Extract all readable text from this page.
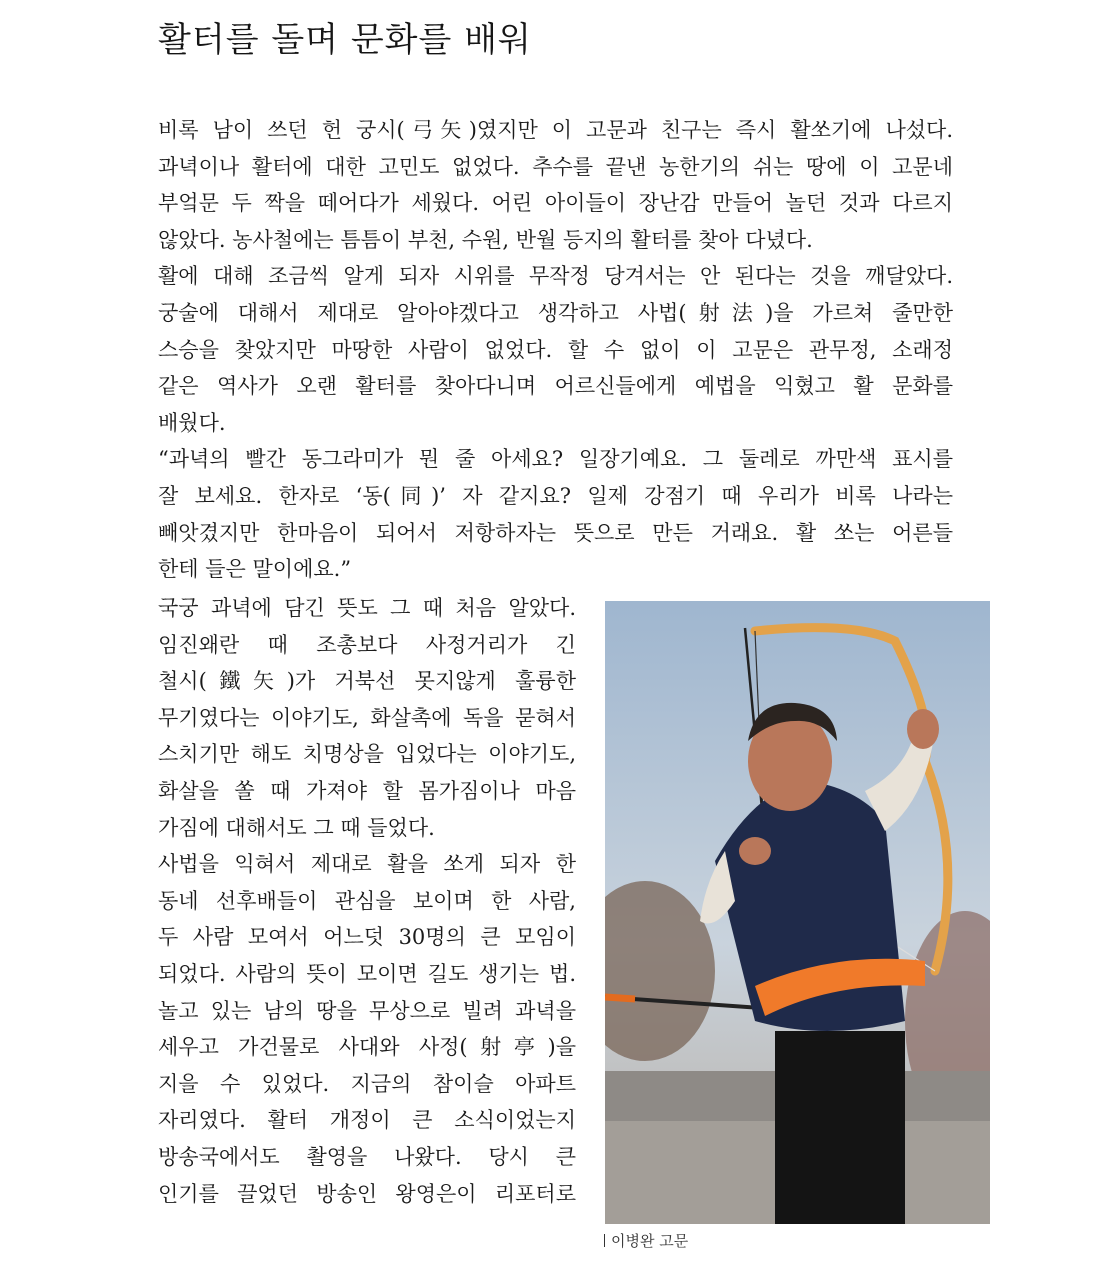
활터를 돌며 문화를 배워
비록 남이 쓰던 헌 궁시(弓矢)였지만 이 고문과 친구는 즉시 활쏘기에 나섰다.
과녁이나 활터에 대한 고민도 없었다. 추수를 끝낸 농한기의 쉬는 땅에 이 고문네
부엌문 두 짝을 떼어다가 세웠다. 어린 아이들이 장난감 만들어 놀던 것과 다르지
않았다. 농사철에는 틈틈이 부천, 수원, 반월 등지의 활터를 찾아 다녔다.
활에 대해 조금씩 알게 되자 시위를 무작정 당겨서는 안 된다는 것을 깨달았다.
궁술에 대해서 제대로 알아야겠다고 생각하고 사법(射法)을 가르쳐 줄만한
스승을 찾았지만 마땅한 사람이 없었다. 할 수 없이 이 고문은 관무정, 소래정
같은 역사가 오랜 활터를 찾아다니며 어르신들에게 예법을 익혔고 활 문화를
배웠다.
“과녁의 빨간 동그라미가 뭔 줄 아세요? 일장기예요. 그 둘레로 까만색 표시를
잘 보세요. 한자로 ‘동(同)’ 자 같지요? 일제 강점기 때 우리가 비록 나라는
빼앗겼지만 한마음이 되어서 저항하자는 뜻으로 만든 거래요. 활 쏘는 어른들
한테 들은 말이에요.”
국궁 과녁에 담긴 뜻도 그 때 처음 알았다.
임진왜란 때 조총보다 사정거리가 긴
철시(鐵矢)가 거북선 못지않게 훌륭한
무기였다는 이야기도, 화살촉에 독을 묻혀서
스치기만 해도 치명상을 입었다는 이야기도,
화살을 쏠 때 가져야 할 몸가짐이나 마음
가짐에 대해서도 그 때 들었다.
사법을 익혀서 제대로 활을 쏘게 되자 한
동네 선후배들이 관심을 보이며 한 사람,
두 사람 모여서 어느덧 30명의 큰 모임이
되었다. 사람의 뜻이 모이면 길도 생기는 법.
놀고 있는 남의 땅을 무상으로 빌려 과녁을
세우고 가건물로 사대와 사정(射亭)을
지을 수 있었다. 지금의 참이슬 아파트
자리였다. 활터 개정이 큰 소식이었는지
방송국에서도 촬영을 나왔다. 당시 큰
인기를 끌었던 방송인 왕영은이 리포터로
이병완 고문
